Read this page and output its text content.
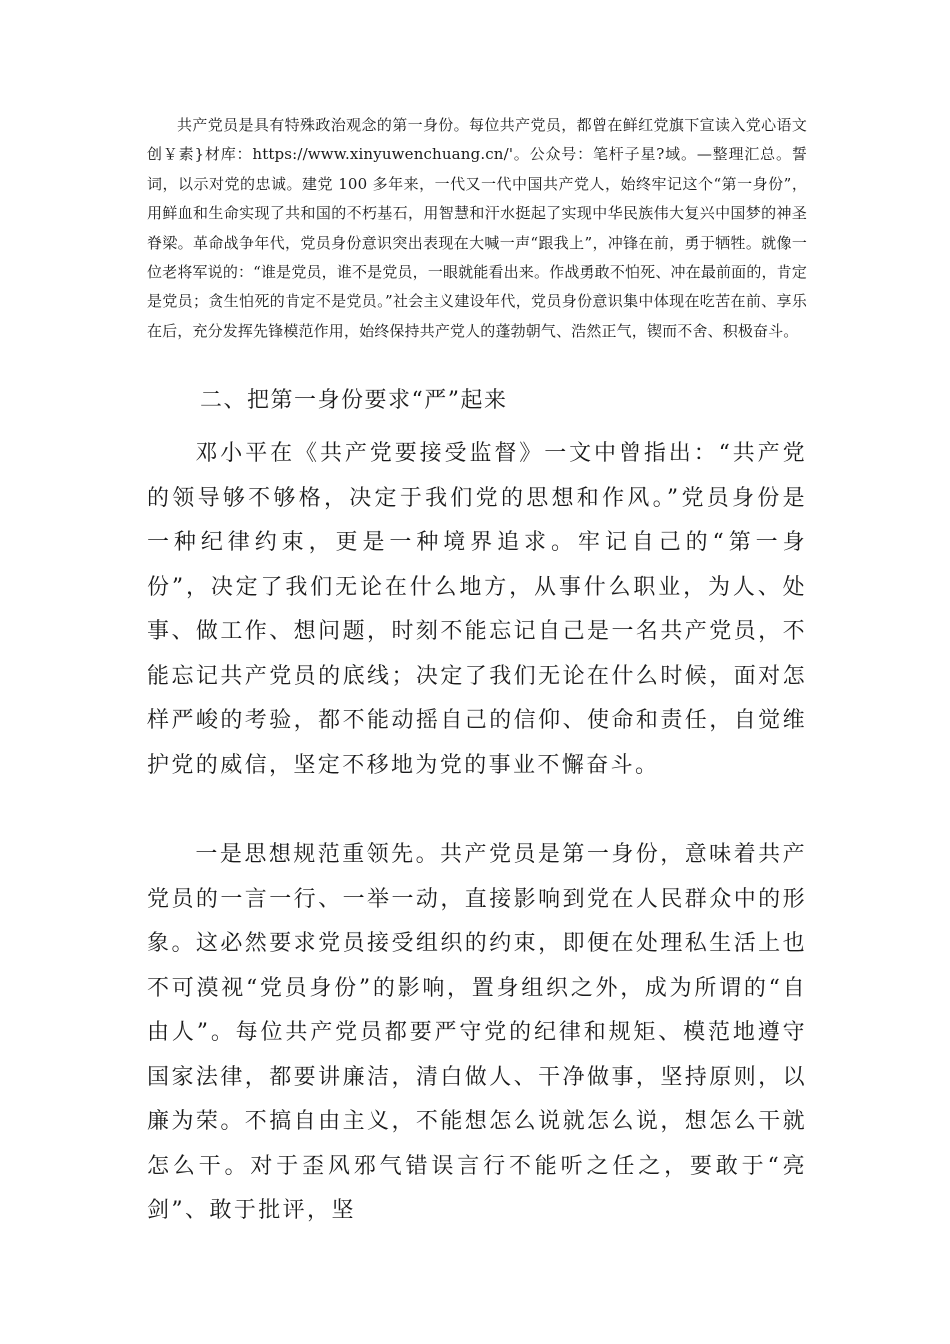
共产党员是具有特殊政治观念的第一身份。每位共产党员，都曾在鲜红党旗下宣读入党心语文创￥素}材库：https://www.xinyuwenchuang.cn/'。公众号：笔杆子星?域。—整理汇总。誓词，以示对党的忠诚。建党 100 多年来，一代又一代中国共产党人，始终牢记这个“第一身份”，用鲜血和生命实现了共和国的不朽基石，用智慧和汗水挺起了实现中华民族伟大复兴中国梦的神圣脊梁。革命战争年代，党员身份意识突出表现在大喊一声“跟我上”，冲锋在前，勇于牺牲。就像一位老将军说的：“谁是党员，谁不是党员，一眼就能看出来。作战勇敢不怕死、冲在最前面的，肯定是党员；贪生怕死的肯定不是党员。”社会主义建设年代，党员身份意识集中体现在吃苦在前、享乐在后，充分发挥先锋模范作用，始终保持共产党人的蓬勃朝气、浩然正气，锲而不舍、积极奋斗。

二、把第一身份要求“严”起来

邓小平在《共产党要接受监督》一文中曾指出：“共产党的领导够不够格，决定于我们党的思想和作风。”党员身份是一种纪律约束，更是一种境界追求。牢记自己的“第一身份”，决定了我们无论在什么地方，从事什么职业，为人、处事、做工作、想问题，时刻不能忘记自己是一名共产党员，不能忘记共产党员的底线；决定了我们无论在什么时候，面对怎样严峻的考验，都不能动摇自己的信仰、使命和责任，自觉维护党的威信，坚定不移地为党的事业不懈奋斗。

一是思想规范重领先。共产党员是第一身份，意味着共产党员的一言一行、一举一动，直接影响到党在人民群众中的形象。这必然要求党员接受组织的约束，即便在处理私生活上也不可漠视“党员身份”的影响，置身组织之外，成为所谓的“自由人”。每位共产党员都要严守党的纪律和规矩、模范地遵守国家法律，都要讲廉洁，清白做人、干净做事，坚持原则，以廉为荣。不搞自由主义，不能想怎么说就怎么说，想怎么干就怎么干。对于歪风邪气错误言行不能听之任之，要敢于“亮剑”、敢于批评，坚
